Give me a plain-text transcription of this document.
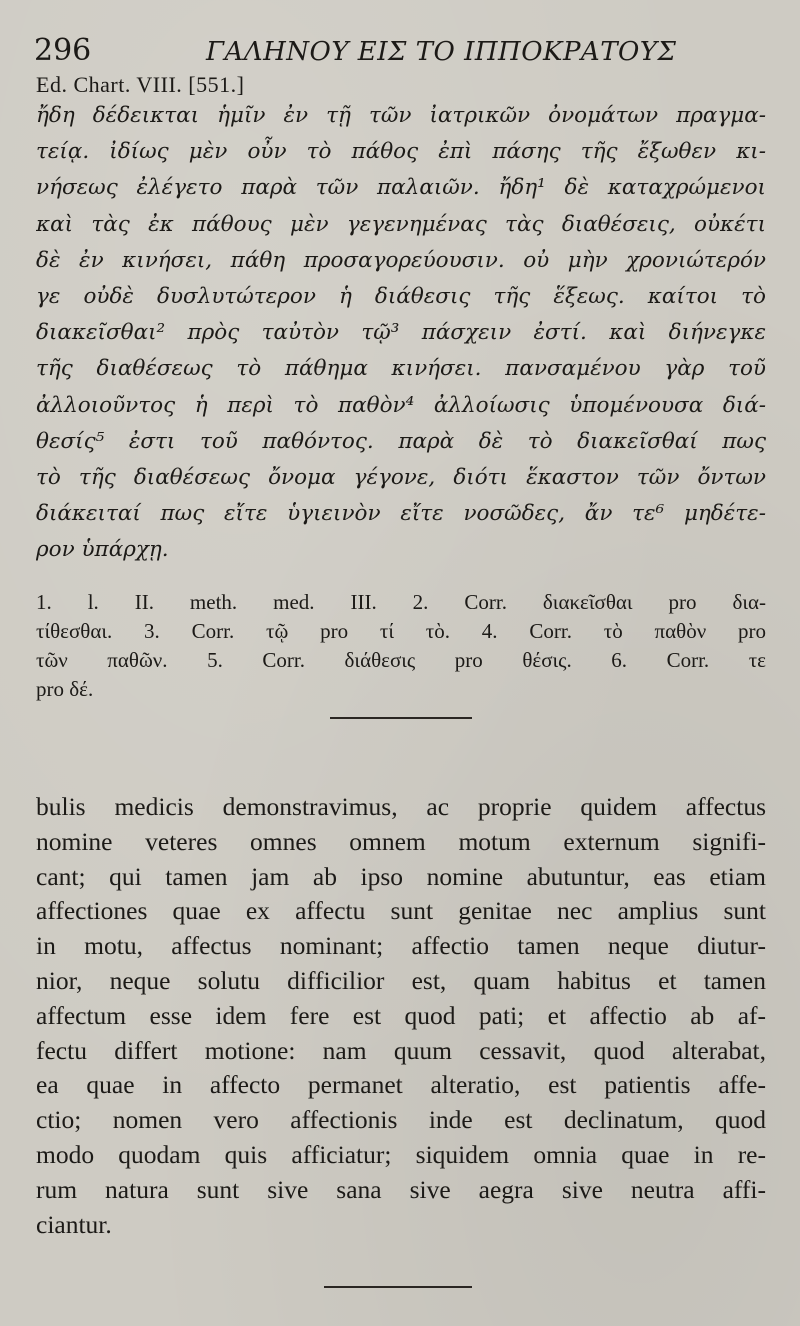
296	ΓΑΛΗΝΟΥ ΕΙΣ ΤΟ ΙΠΠΟΚΡΑΤΟΥΣ
Ed. Chart. VIII. [551.]
ἤδη δέδεικται ἡμῖν ἐν τῇ τῶν ἰατρικῶν ὀνομάτων πραγμα-
τείᾳ. ἰδίως μὲν οὖν τὸ πάθος ἐπὶ πάσης τῆς ἔξωθεν κι-
νήσεως ἐλέγετο παρὰ τῶν παλαιῶν. ἤδη¹ δὲ καταχρώμενοι
καὶ τὰς ἐκ πάθους μὲν γεγενημένας τὰς διαθέσεις, οὐκέτι
δὲ ἐν κινήσει, πάθη προσαγορεύουσιν. οὐ μὴν χρονιώτερόν
γε οὐδὲ δυσλυτώτερον ἡ διάθεσις τῆς ἕξεως. καίτοι τὸ
διακεῖσθαι² πρὸς ταὐτὸν τῷ³ πάσχειν ἐστί. καὶ διήνεγκε
τῆς διαθέσεως τὸ πάθημα κινήσει. πανσαμένου γὰρ τοῦ
ἀλλοιοῦντος ἡ περὶ τὸ παθὸν⁴ ἀλλοίωσις ὑπομένουσα διά-
θεσίς⁵ ἐστι τοῦ παθόντος. παρὰ δὲ τὸ διακεῖσθαί πως
τὸ τῆς διαθέσεως ὄνομα γέγονε, διότι ἕκαστον τῶν ὄντων
διάκειταί πως εἴτε ὑγιεινὸν εἴτε νοσῶδες, ἄν τε⁶ μηδέτε-
ρον ὑπάρχῃ.
1. l. II. meth. med. III. 2. Corr. διακεῖσθαι pro δια-
τίθεσθαι. 3. Corr. τῷ pro τί τὸ. 4. Corr. τὸ παθὸν pro
τῶν παθῶν. 5. Corr. διάθεσις pro θέσις. 6. Corr. τε
pro δέ.
bulis medicis demonstravimus, ac proprie quidem affectus
nomine veteres omnes omnem motum externum signifi-
cant; qui tamen jam ab ipso nomine abutuntur, eas etiam
affectiones quae ex affectu sunt genitae nec amplius sunt
in motu, affectus nominant; affectio tamen neque diutur-
nior, neque solutu difficilior est, quam habitus et tamen
affectum esse idem fere est quod pati; et affectio ab af-
fectu differt motione: nam quum cessavit, quod alterabat,
ea quae in affecto permanet alteratio, est patientis affe-
ctio; nomen vero affectionis inde est declinatum, quod
modo quodam quis afficiatur; siquidem omnia quae in re-
rum natura sunt sive sana sive aegra sive neutra affi-
ciantur.
